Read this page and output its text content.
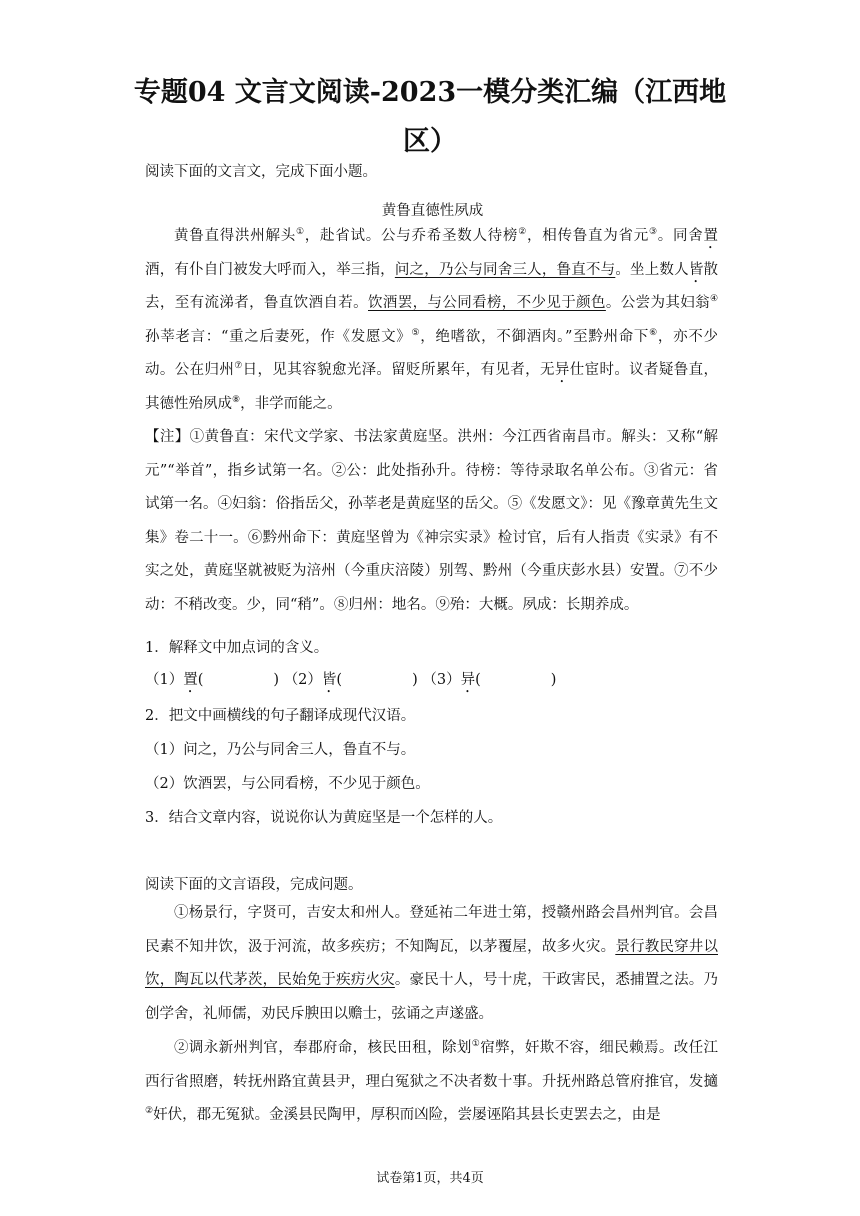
专题04 文言文阅读-2023一模分类汇编（江西地区）
阅读下面的文言文，完成下面小题。
黄鲁直德性夙成
黄鲁直得洪州解头①，赴省试。公与乔希圣数人待榜②，相传鲁直为省元③。同舍置酒，有仆自门被发大呼而入，举三指，问之，乃公与同舍三人，鲁直不与。坐上数人皆散去，至有流涕者，鲁直饮酒自若。饮酒罢，与公同看榜，不少见于颜色。公尝为其妇翁④孙莘老言：“重之后妻死，作《发愿文》⑤，绝嗜欲，不御酒肉。”至黔州命下⑥，亦不少动。公在归州⑦日，见其容貌愈光泽。留贬所累年，有见者，无异仕宦时。议者疑鲁直，其德性殆夙成⑧，非学而能之。
【注】①黄鲁直：宋代文学家、书法家黄庭坚。洪州：今江西省南昌市。解头：又称“解元”“举首”，指乡试第一名。②公：此处指孙升。待榜：等待录取名单公布。③省元：省试第一名。④妇翁：俗指岳父，孙莘老是黄庭坚的岳父。⑤《发愿文》：见《豫章黄先生文集》卷二十一。⑥黔州命下：黄庭坚曾为《神宗实录》检讨官，后有人指责《实录》有不实之处，黄庭坚就被贬为涪州（今重庆涪陵）别驾、黔州（今重庆彭水县）安置。⑦不少动：不稍改变。少，同“稍”。⑧归州：地名。⑨殆：大概。夙成：长期养成。
1．解释文中加点词的含义。
（1）置(	) （2）皆(	) （3）异(	)
2．把文中画横线的句子翻译成现代汉语。
（1）问之，乃公与同舍三人，鲁直不与。
（2）饮酒罢，与公同看榜，不少见于颜色。
3．结合文章内容，说说你认为黄庭坚是一个怎样的人。
阅读下面的文言语段，完成问题。
①杨景行，字贤可，吉安太和州人。登延祐二年进士第，授赣州路会昌州判官。会昌民素不知井饮，汲于河流，故多疾疠；不知陶瓦，以茅覆屋，故多火灾。景行教民穿井以饮，陶瓦以代茅茨，民始免于疾疠火灾。豪民十人，号十虎，干政害民，悉捕置之法。乃创学舍，礼师儒，劝民斥腴田以赡士，弦诵之声遂盛。
②调永新州判官，奉郡府命，核民田租，除划①宿弊，奸欺不容，细民赖焉。改任江西行省照磨，转抚州路宜黄县尹，理白冤狱之不决者数十事。升抚州路总管府推官，发擿②奸伏，郡无冤狱。金溪县民陶甲，厚积而凶险，尝屡诬陷其县长吏罢去之，由是
试卷第1页，共4页
